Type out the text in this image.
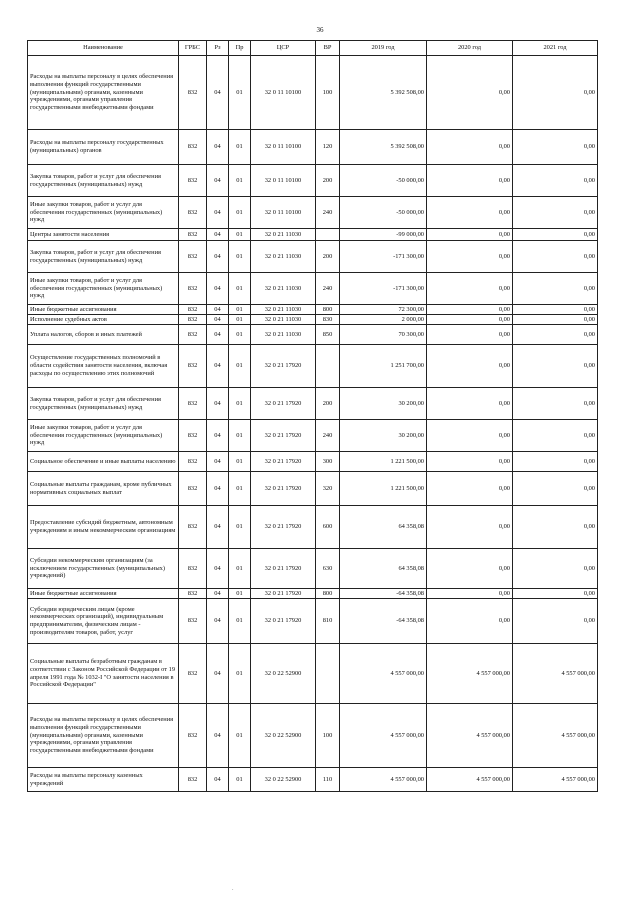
36
Наименование	ГРБС	Рз	Пр	ЦСР	ВР	2019 год	2020 год	2021 год
Расходы на выплаты персоналу в целях обеспечения выполнения функций государственными (муниципальными) органами, казенными учреждениями, органами управления государственными внебюджетными фондами	832	04	01	32 0 11 10100	100	5 392 508,00	0,00	0,00
Расходы на выплаты персоналу государственных (муниципальных) органов	832	04	01	32 0 11 10100	120	5 392 508,00	0,00	0,00
Закупка товаров, работ и услуг для обеспечения государственных (муниципальных) нужд	832	04	01	32 0 11 10100	200	-50 000,00	0,00	0,00
Иные закупки товаров, работ и услуг для обеспечения государственных (муниципальных) нужд	832	04	01	32 0 11 10100	240	-50 000,00	0,00	0,00
Центры занятости населения	832	04	01	32 0 21 11030		-99 000,00	0,00	0,00
Закупка товаров, работ и услуг для обеспечения государственных (муниципальных) нужд	832	04	01	32 0 21 11030	200	-171 300,00	0,00	0,00
Иные закупки товаров, работ и услуг для обеспечения государственных (муниципальных) нужд	832	04	01	32 0 21 11030	240	-171 300,00	0,00	0,00
Иные бюджетные ассигнования	832	04	01	32 0 21 11030	800	72 300,00	0,00	0,00
Исполнение судебных актов	832	04	01	32 0 21 11030	830	2 000,00	0,00	0,00
Уплата налогов, сборов и иных платежей	832	04	01	32 0 21 11030	850	70 300,00	0,00	0,00
Осуществление государственных полномочий в области содействия занятости населения, включая расходы по осуществлению этих полномочий	832	04	01	32 0 21 17920		1 251 700,00	0,00	0,00
Закупка товаров, работ и услуг для обеспечения государственных (муниципальных) нужд	832	04	01	32 0 21 17920	200	30 200,00	0,00	0,00
Иные закупки товаров, работ и услуг для обеспечения государственных (муниципальных) нужд	832	04	01	32 0 21 17920	240	30 200,00	0,00	0,00
Социальное обеспечение и иные выплаты населению	832	04	01	32 0 21 17920	300	1 221 500,00	0,00	0,00
Социальные выплаты гражданам, кроме публичных нормативных социальных выплат	832	04	01	32 0 21 17920	320	1 221 500,00	0,00	0,00
Предоставление субсидий бюджетным, автономным учреждениям и иным некоммерческим организациям	832	04	01	32 0 21 17920	600	64 358,08	0,00	0,00
Субсидии некоммерческим организациям (за исключением государственных (муниципальных) учреждений)	832	04	01	32 0 21 17920	630	64 358,08	0,00	0,00
Иные бюджетные ассигнования	832	04	01	32 0 21 17920	800	-64 358,08	0,00	0,00
Субсидии юридическим лицам (кроме некоммерческих организаций), индивидуальным предпринимателям, физическим лицам - производителям товаров, работ, услуг	832	04	01	32 0 21 17920	810	-64 358,08	0,00	0,00
Социальные выплаты безработным гражданам в соответствии с Законом Российской Федерации от 19 апреля 1991 года № 1032-I "О занятости населения в Российской Федерации"	832	04	01	32 0 22 52900		4 557 000,00	4 557 000,00	4 557 000,00
Расходы на выплаты персоналу в целях обеспечения выполнения функций государственными (муниципальными) органами, казенными учреждениями, органами управления государственными внебюджетными фондами	832	04	01	32 0 22 52900	100	4 557 000,00	4 557 000,00	4 557 000,00
Расходы на выплаты персоналу казенных учреждений	832	04	01	32 0 22 52900	110	4 557 000,00	4 557 000,00	4 557 000,00
.
